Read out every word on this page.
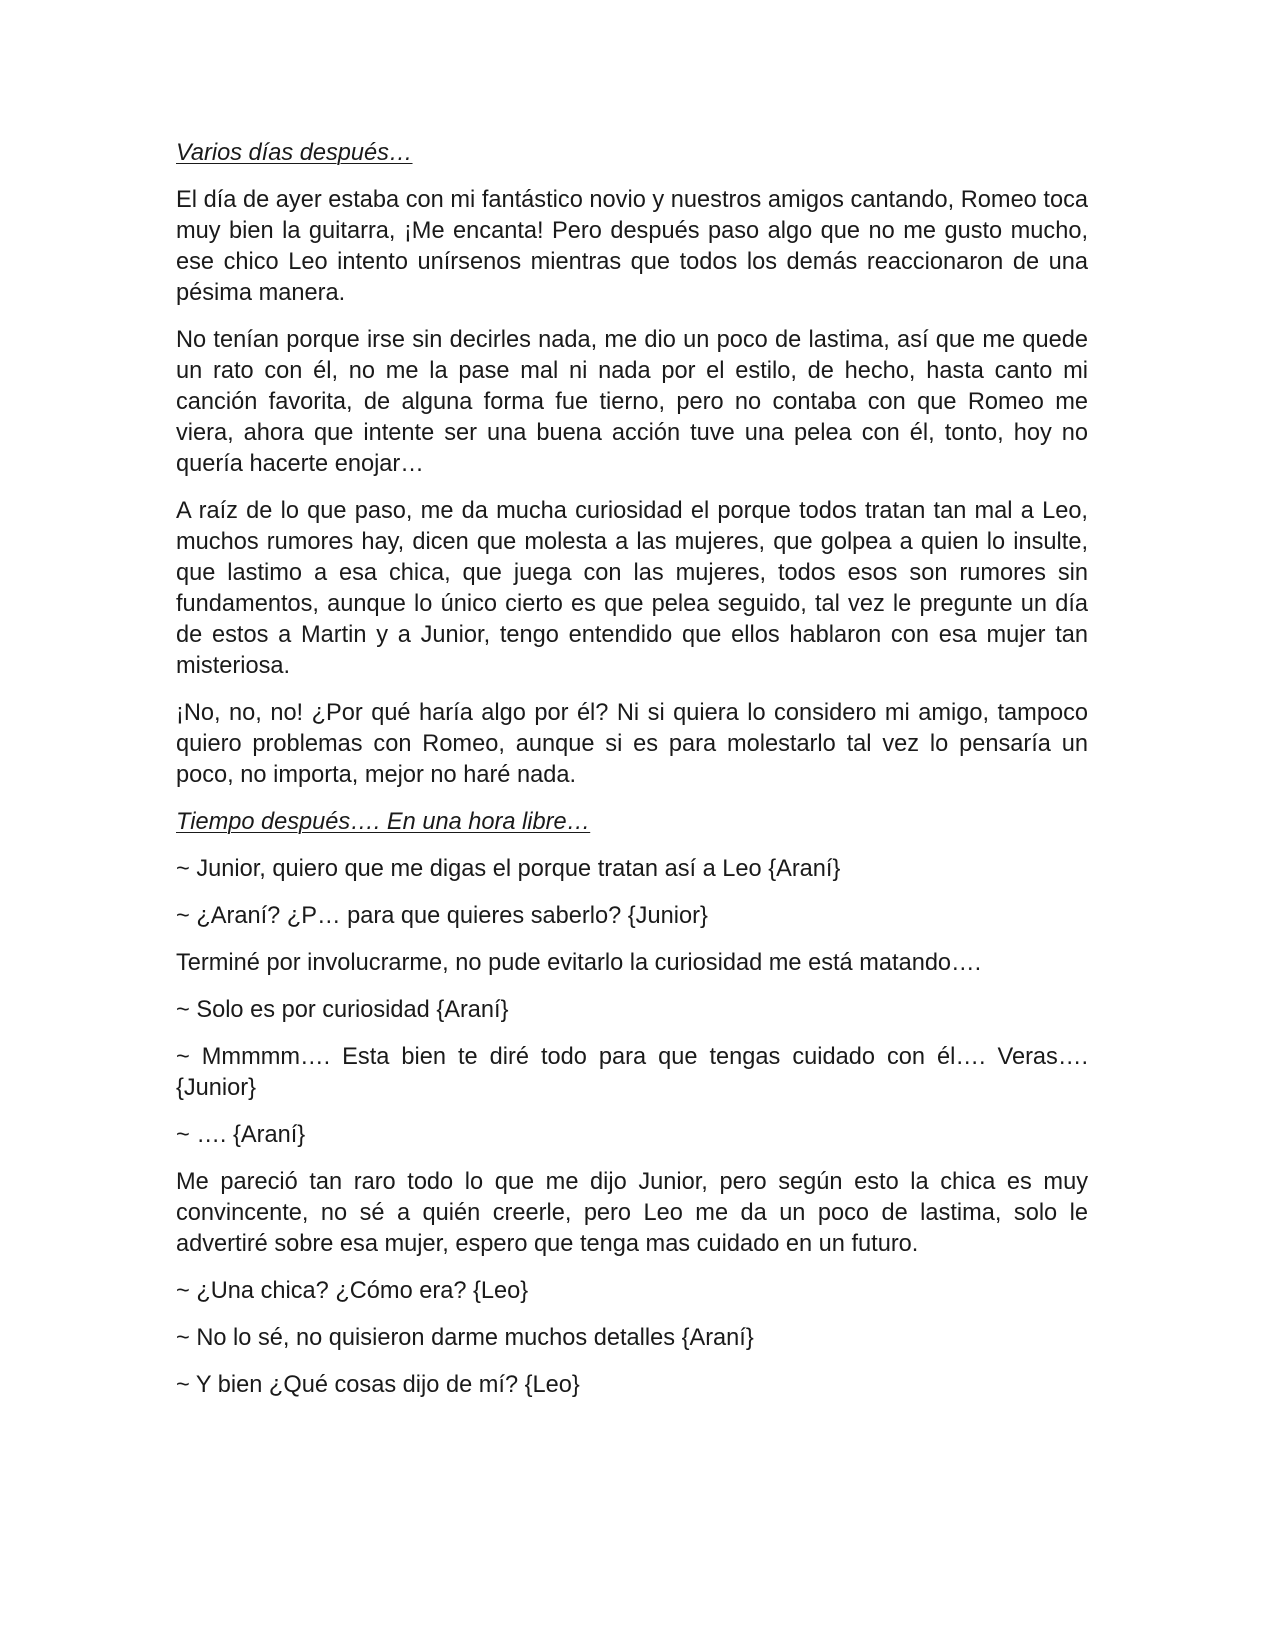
Varios días después…

El día de ayer estaba con mi fantástico novio y nuestros amigos cantando, Romeo toca muy bien la guitarra, ¡Me encanta! Pero después paso algo que no me gusto mucho, ese chico Leo intento unírsenos mientras que todos los demás reaccionaron de una pésima manera.

No tenían porque irse sin decirles nada, me dio un poco de lastima, así que me quede un rato con él, no me la pase mal ni nada por el estilo, de hecho, hasta canto mi canción favorita, de alguna forma fue tierno, pero no contaba con que Romeo me viera, ahora que intente ser una buena acción tuve una pelea con él, tonto, hoy no quería hacerte enojar…

A raíz de lo que paso, me da mucha curiosidad el porque todos tratan tan mal a Leo, muchos rumores hay, dicen que molesta a las mujeres, que golpea a quien lo insulte, que lastimo a esa chica, que juega con las mujeres, todos esos son rumores sin fundamentos, aunque lo único cierto es que pelea seguido, tal vez le pregunte un día de estos a Martin y a Junior, tengo entendido que ellos hablaron con esa mujer tan misteriosa.

¡No, no, no! ¿Por qué haría algo por él? Ni si quiera lo considero mi amigo, tampoco quiero problemas con Romeo, aunque si es para molestarlo tal vez lo pensaría un poco, no importa, mejor no haré nada.

Tiempo después…. En una hora libre…

~ Junior, quiero que me digas el porque tratan así a Leo {Araní}

~ ¿Araní? ¿P… para que quieres saberlo? {Junior}

Terminé por involucrarme, no pude evitarlo la curiosidad me está matando….

~ Solo es por curiosidad {Araní}

~ Mmmmm…. Esta bien te diré todo para que tengas cuidado con él…. Veras…. {Junior}

~ …. {Araní}

Me pareció tan raro todo lo que me dijo Junior, pero según esto la chica es muy convincente, no sé a quién creerle, pero Leo me da un poco de lastima, solo le advertiré sobre esa mujer, espero que tenga mas cuidado en un futuro.

~ ¿Una chica? ¿Cómo era? {Leo}

~ No lo sé, no quisieron darme muchos detalles {Araní}

~ Y bien ¿Qué cosas dijo de mí? {Leo}
